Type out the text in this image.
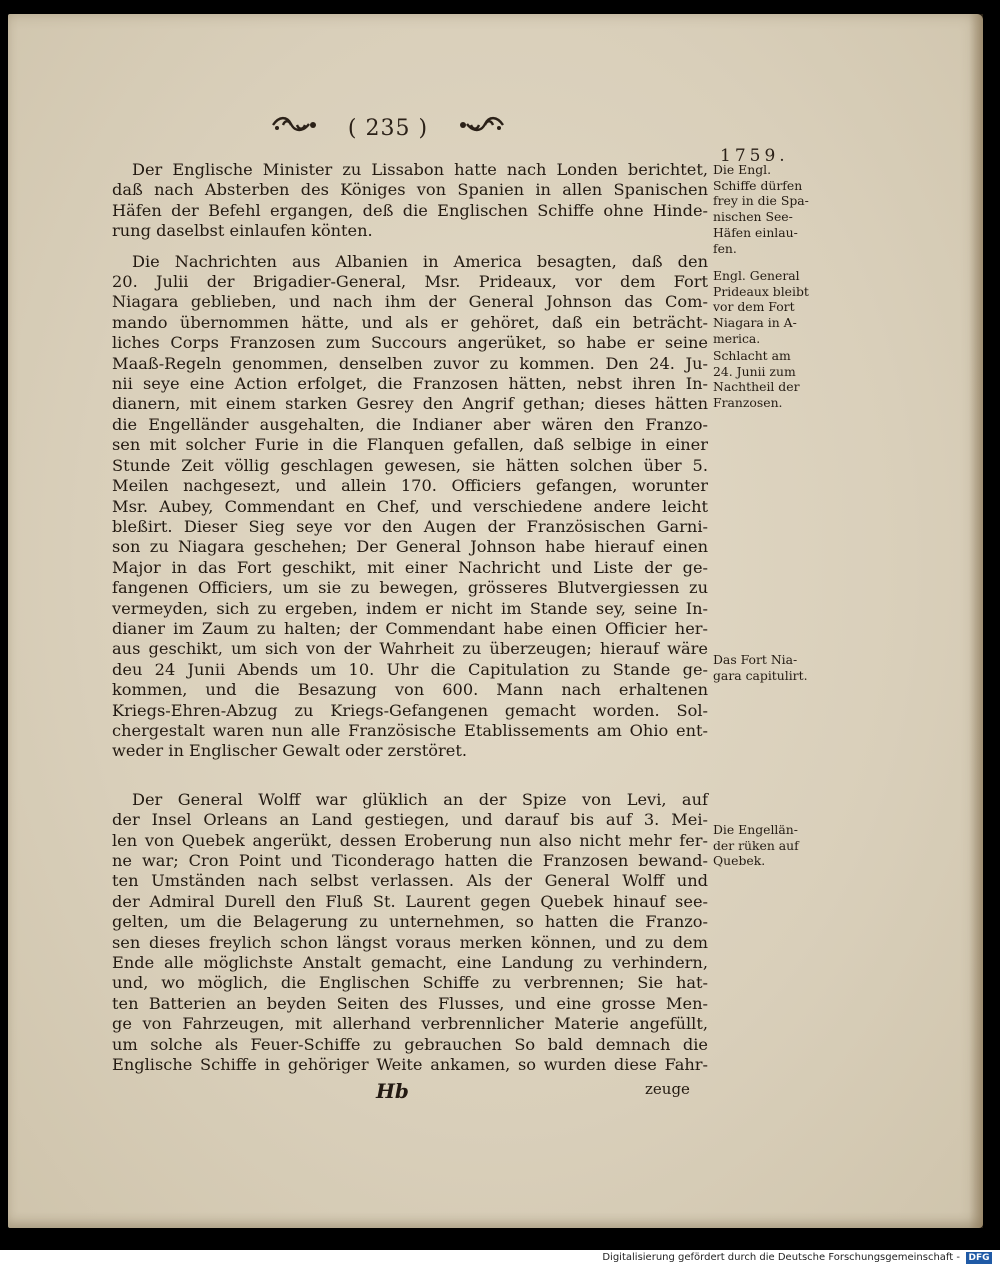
( 235 )
1759.

Der Englische Minister zu Lissabon hatte nach Londen berichtet,
daß nach Absterben des Königes von Spanien in allen Spanischen
Häfen der Befehl ergangen, deß die Englischen Schiffe ohne Hinde-
rung daselbst einlaufen könten.

Die Nachrichten aus Albanien in America besagten, daß den
20. Julii der Brigadier-General, Msr. Prideaux, vor dem Fort
Niagara geblieben, und nach ihm der General Johnson das Com-
mando übernommen hätte, und als er gehöret, daß ein beträcht-
liches Corps Franzosen zum Succours angerüket, so habe er seine
Maaß-Regeln genommen, denselben zuvor zu kommen. Den 24. Ju-
nii seye eine Action erfolget, die Franzosen hätten, nebst ihren In-
dianern, mit einem starken Gesrey den Angrif gethan; dieses hätten
die Engelländer ausgehalten, die Indianer aber wären den Franzo-
sen mit solcher Furie in die Flanquen gefallen, daß selbige in einer
Stunde Zeit völlig geschlagen gewesen, sie hätten solchen über 5.
Meilen nachgesezt, und allein 170. Officiers gefangen, worunter
Msr. Aubey, Commendant en Chef, und verschiedene andere leicht
bleßirt. Dieser Sieg seye vor den Augen der Französischen Garni-
son zu Niagara geschehen; Der General Johnson habe hierauf einen
Major in das Fort geschikt, mit einer Nachricht und Liste der ge-
fangenen Officiers, um sie zu bewegen, grösseres Blutvergiessen zu
vermeyden, sich zu ergeben, indem er nicht im Stande sey, seine In-
dianer im Zaum zu halten; der Commendant habe einen Officier her-
aus geschikt, um sich von der Wahrheit zu überzeugen; hierauf wäre
deu 24 Junii Abends um 10. Uhr die Capitulation zu Stande ge-
kommen, und die Besazung von 600. Mann nach erhaltenen
Kriegs-Ehren-Abzug zu Kriegs-Gefangenen gemacht worden. Sol-
chergestalt waren nun alle Französische Etablissements am Ohio ent-
weder in Englischer Gewalt oder zerstöret.

Der General Wolff war glüklich an der Spize von Levi, auf
der Insel Orleans an Land gestiegen, und darauf bis auf 3. Mei-
len von Quebek angerükt, dessen Eroberung nun also nicht mehr fer-
ne war; Cron Point und Ticonderago hatten die Franzosen bewand-
ten Umständen nach selbst verlassen. Als der General Wolff und
der Admiral Durell den Fluß St. Laurent gegen Quebek hinauf see-
gelten, um die Belagerung zu unternehmen, so hatten die Franzo-
sen dieses freylich schon längst voraus merken können, und zu dem
Ende alle möglichste Anstalt gemacht, eine Landung zu verhindern,
und, wo möglich, die Englischen Schiffe zu verbrennen; Sie hat-
ten Batterien an beyden Seiten des Flusses, und eine grosse Men-
ge von Fahrzeugen, mit allerhand verbrennlicher Materie angefüllt,
um solche als Feuer-Schiffe zu gebrauchen So bald demnach die
Englische Schiffe in gehöriger Weite ankamen, so wurden diese Fahr-

Die Engl.
Schiffe dürfen
frey in die Spa-
nischen See-
Häfen einlau-
fen.
Engl. General
Prideaux bleibt
vor dem Fort
Niagara in A-
merica.
Schlacht am
24. Junii zum
Nachtheil der
Franzosen.
Das Fort Nia-
gara capitulirt.
Die Engellän-
der rüken auf
Quebek.
Hb	zeuge
Digitalisierung gefördert durch die Deutsche Forschungsgemeinschaft - DFG
